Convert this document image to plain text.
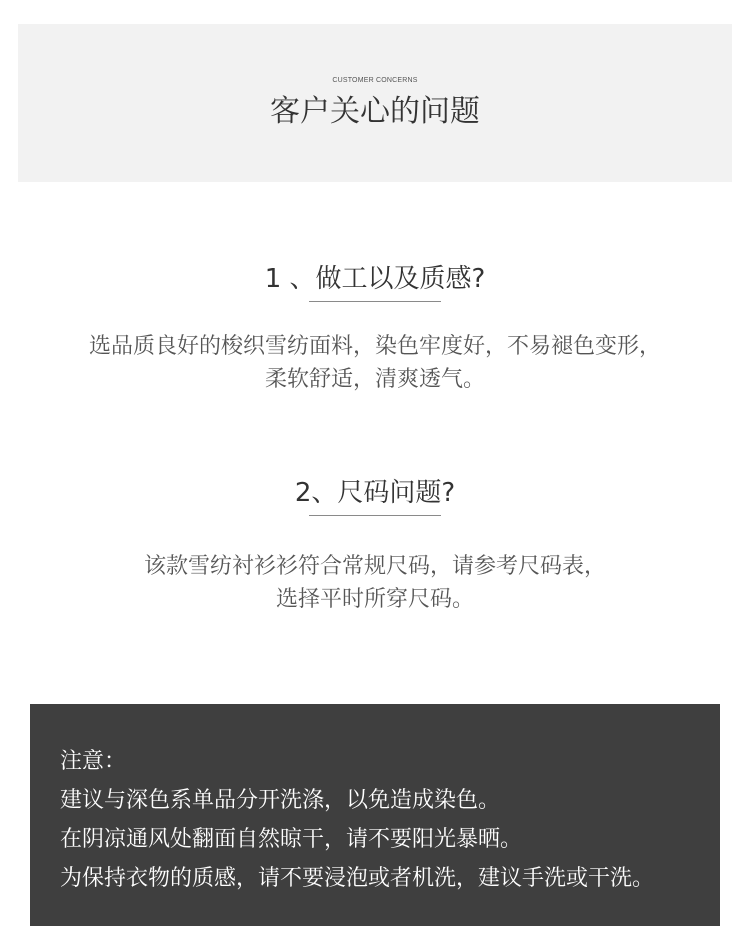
CUSTOMER CONCERNS
客户关心的问题
1 、做工以及质感?
选品质良好的梭织雪纺面料，染色牢度好，不易褪色变形，
柔软舒适，清爽透气。
2、尺码问题?
该款雪纺衬衫衫符合常规尺码，请参考尺码表，
选择平时所穿尺码。
注意：
建议与深色系单品分开洗涤，以免造成染色。
在阴凉通风处翻面自然晾干，请不要阳光暴晒。
为保持衣物的质感，请不要浸泡或者机洗，建议手洗或干洗。
